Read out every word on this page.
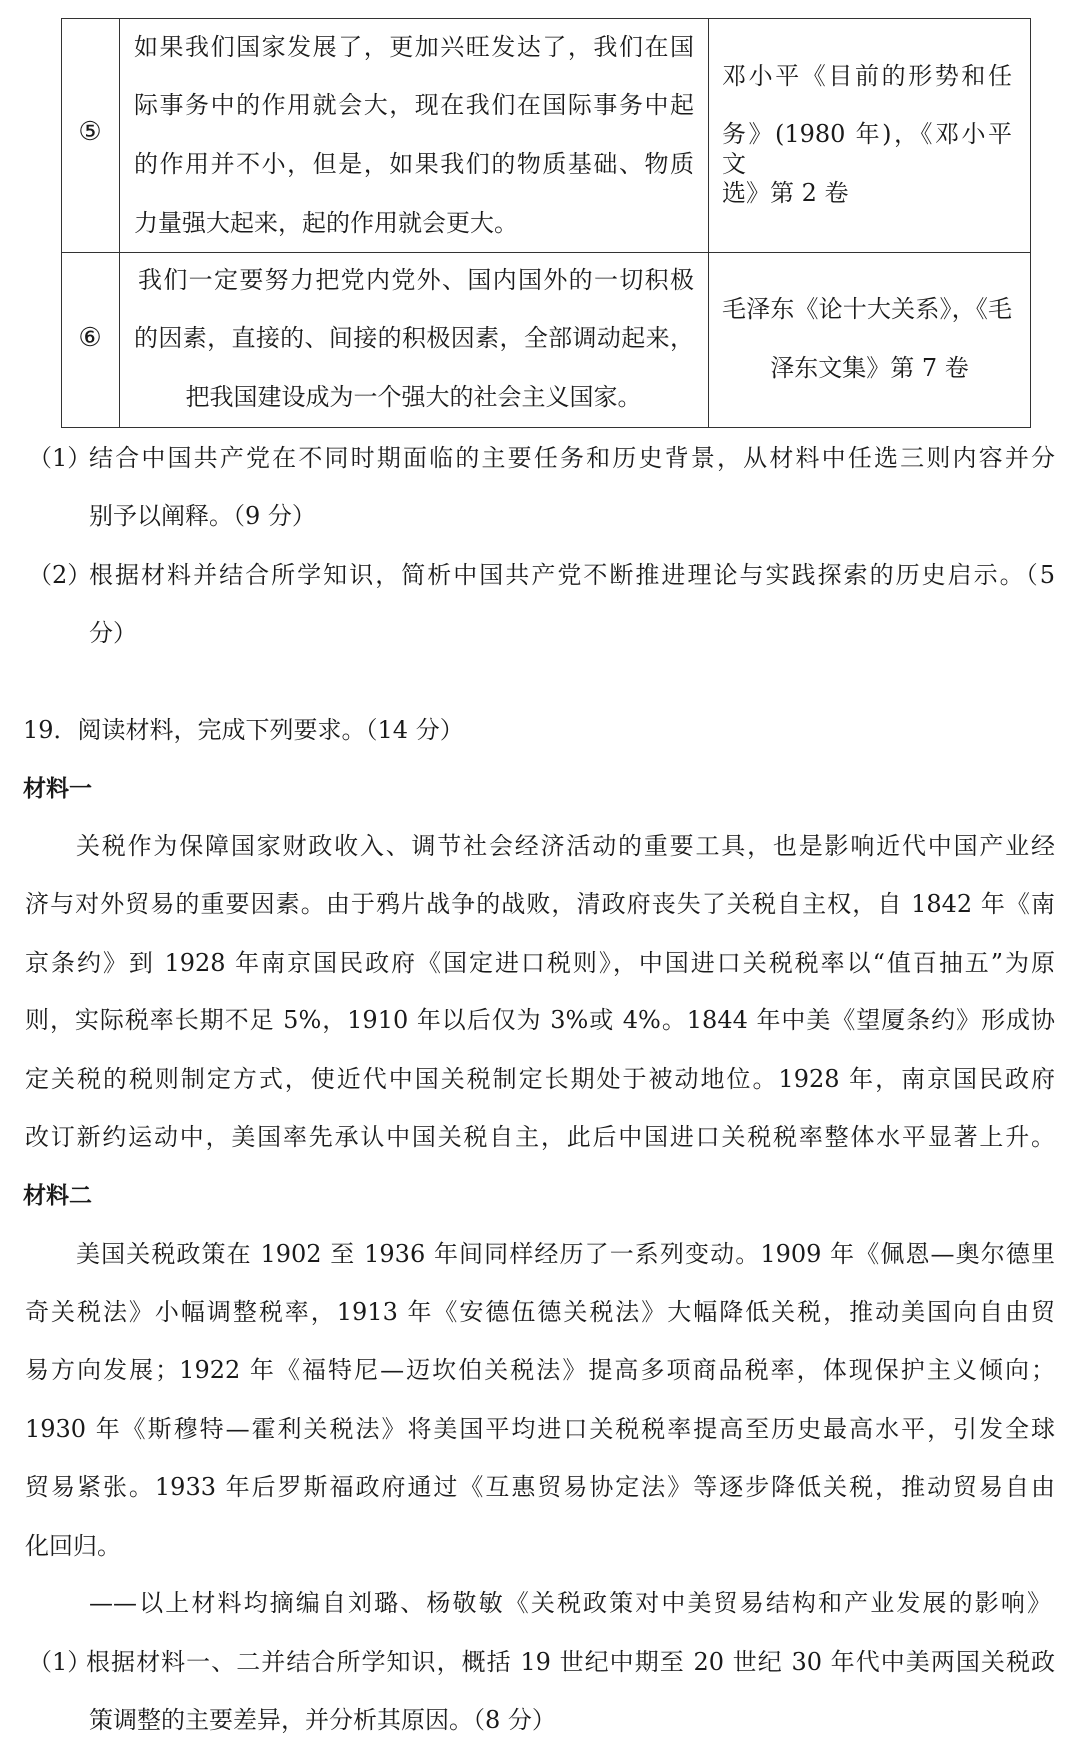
⑤
如果我们国家发展了，更加兴旺发达了，我们在国
际事务中的作用就会大，现在我们在国际事务中起
的作用并不小，但是，如果我们的物质基础、物质
力量强大起来，起的作用就会更大。
邓小平《目前的形势和任
务》(1980 年)，《邓小平文
选》第 2 卷
⑥
我们一定要努力把党内党外、国内国外的一切积极
的因素，直接的、间接的积极因素，全部调动起来，
把我国建设成为一个强大的社会主义国家。
毛泽东《论十大关系》，《毛
泽东文集》第 7 卷
（1）
结合中国共产党在不同时期面临的主要任务和历史背景，从材料中任选三则内容并分
别予以阐释。（9 分）
（2）
根据材料并结合所学知识，简析中国共产党不断推进理论与实践探索的历史启示。（5
分）
19．阅读材料，完成下列要求。（14 分）
材料一
关税作为保障国家财政收入、调节社会经济活动的重要工具，也是影响近代中国产业经
济与对外贸易的重要因素。由于鸦片战争的战败，清政府丧失了关税自主权，自 1842 年《南
京条约》到 1928 年南京国民政府《国定进口税则》，中国进口关税税率以“值百抽五”为原
则，实际税率长期不足 5%，1910 年以后仅为 3%或 4%。1844 年中美《望厦条约》形成协
定关税的税则制定方式，使近代中国关税制定长期处于被动地位。1928 年，南京国民政府
改订新约运动中，美国率先承认中国关税自主，此后中国进口关税税率整体水平显著上升。
材料二
美国关税政策在 1902 至 1936 年间同样经历了一系列变动。1909 年《佩恩—奥尔德里
奇关税法》小幅调整税率，1913 年《安德伍德关税法》大幅降低关税，推动美国向自由贸
易方向发展；1922 年《福特尼—迈坎伯关税法》提高多项商品税率，体现保护主义倾向；
1930 年《斯穆特—霍利关税法》将美国平均进口关税税率提高至历史最高水平，引发全球
贸易紧张。1933 年后罗斯福政府通过《互惠贸易协定法》等逐步降低关税，推动贸易自由
化回归。
——以上材料均摘编自刘璐、杨敬敏《关税政策对中美贸易结构和产业发展的影响》
（1）
根据材料一、二并结合所学知识，概括 19 世纪中期至 20 世纪 30 年代中美两国关税政
策调整的主要差异，并分析其原因。（8 分）
